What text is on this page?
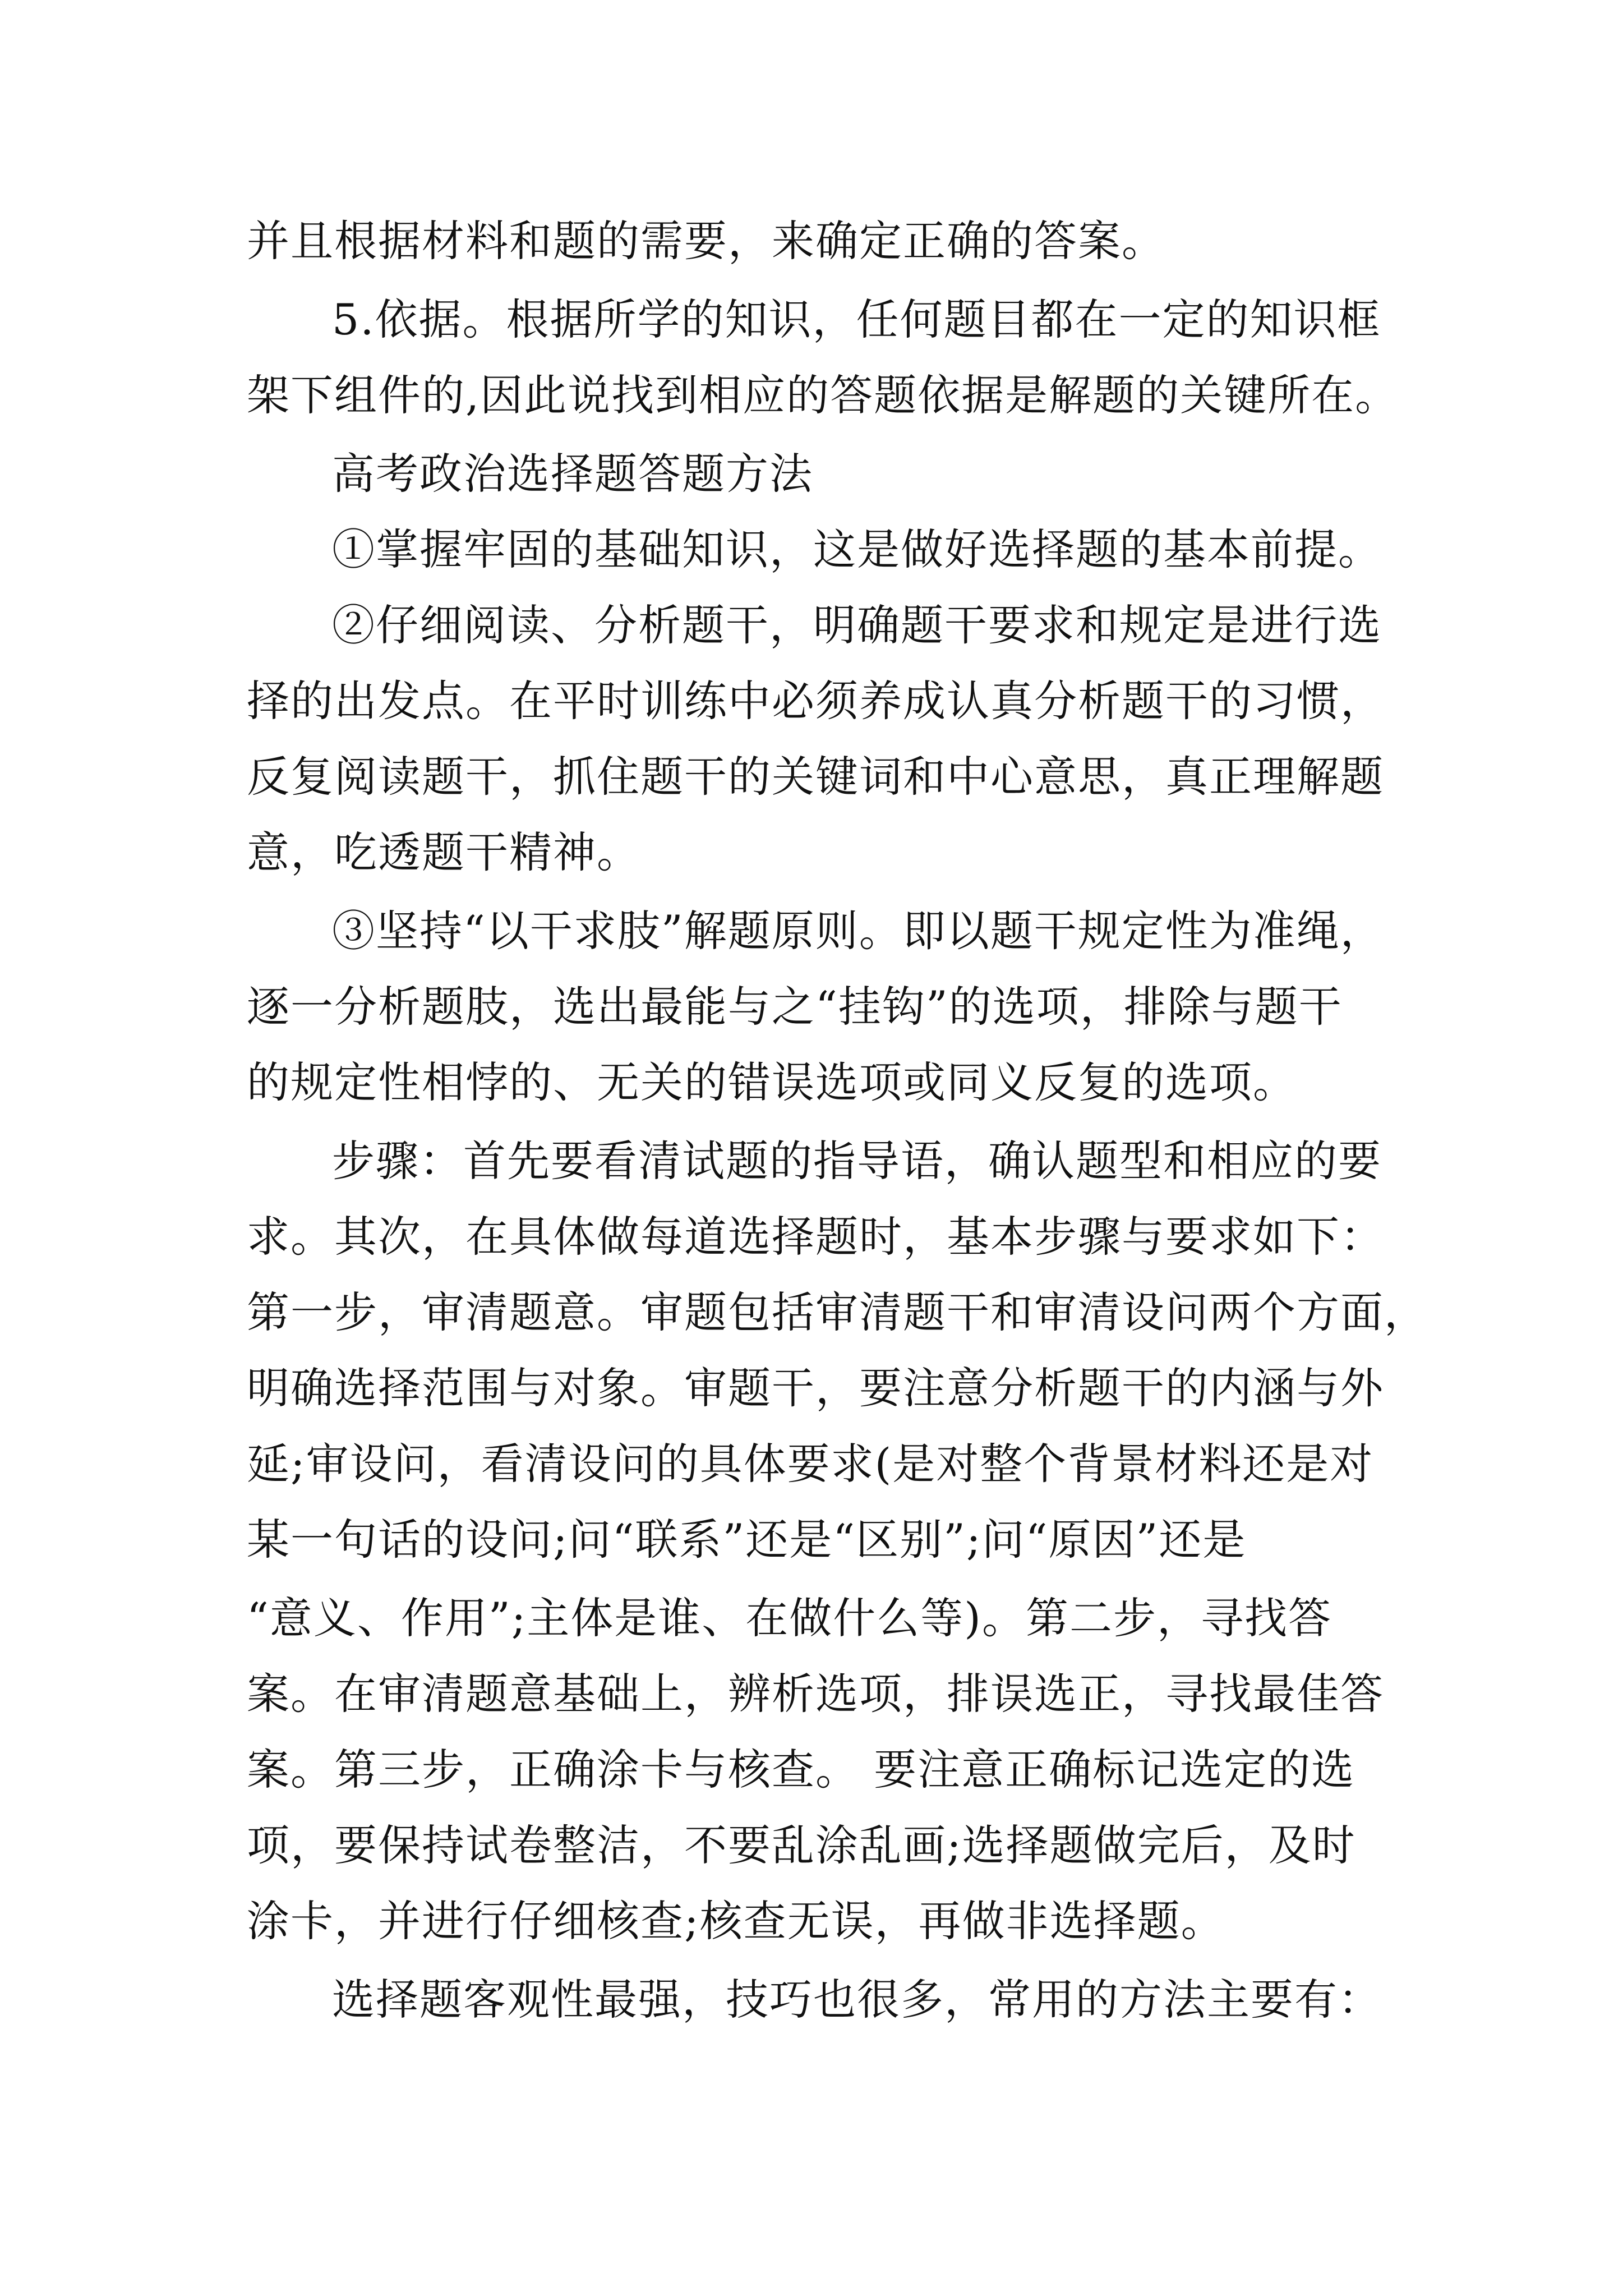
并且根据材料和题的需要，来确定正确的答案。

5.依据。根据所学的知识，任何题目都在一定的知识框

架下组件的,因此说找到相应的答题依据是解题的关键所在。

高考政治选择题答题方法

①掌握牢固的基础知识，这是做好选择题的基本前提。

②仔细阅读、分析题干，明确题干要求和规定是进行选

择的出发点。在平时训练中必须养成认真分析题干的习惯，

反复阅读题干，抓住题干的关键词和中心意思，真正理解题

意，吃透题干精神。

③坚持“以干求肢”解题原则。即以题干规定性为准绳，

逐一分析题肢，选出最能与之“挂钩”的选项，排除与题干

的规定性相悖的、无关的错误选项或同义反复的选项。

步骤：首先要看清试题的指导语，确认题型和相应的要

求。其次，在具体做每道选择题时，基本步骤与要求如下：

第一步，审清题意。审题包括审清题干和审清设问两个方面，

明确选择范围与对象。审题干，要注意分析题干的内涵与外

延;审设问，看清设问的具体要求(是对整个背景材料还是对

某一句话的设问;问“联系”还是“区别”;问“原因”还是

“意义、作用”;主体是谁、在做什么等)。第二步，寻找答

案。在审清题意基础上，辨析选项，排误选正，寻找最佳答

案。第三步，正确涂卡与核查。 要注意正确标记选定的选

项，要保持试卷整洁，不要乱涂乱画;选择题做完后，及时

涂卡，并进行仔细核查;核查无误，再做非选择题。

选择题客观性最强，技巧也很多，常用的方法主要有：
